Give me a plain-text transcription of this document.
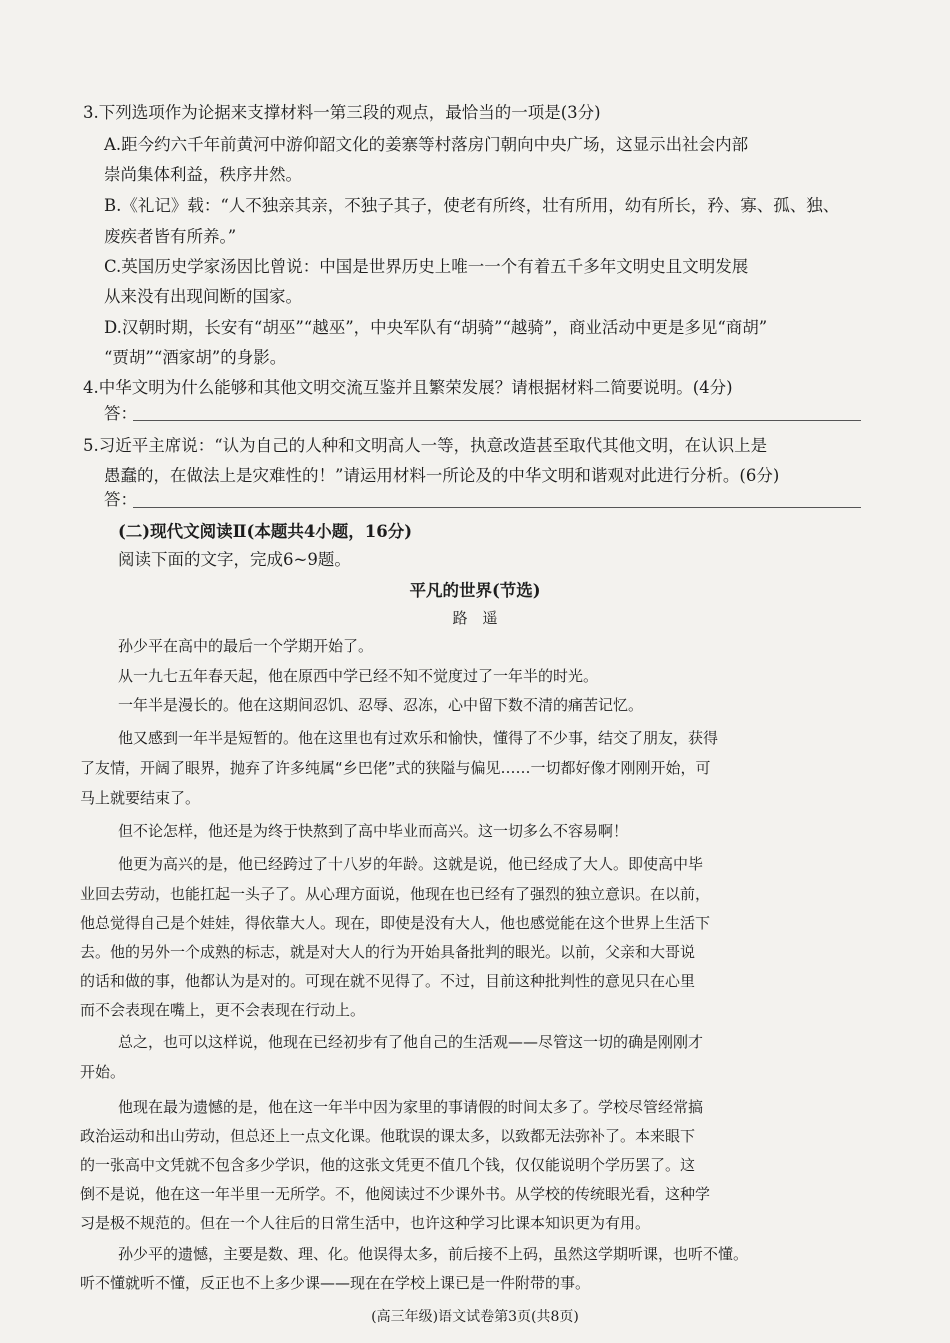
3.下列选项作为论据来支撑材料一第三段的观点，最恰当的一项是(3分)
A.距今约六千年前黄河中游仰韶文化的姜寨等村落房门朝向中央广场，这显示出社会内部
崇尚集体利益，秩序井然。
B.《礼记》载：“人不独亲其亲，不独子其子，使老有所终，壮有所用，幼有所长，矜、寡、孤、独、
废疾者皆有所养。”
C.英国历史学家汤因比曾说：中国是世界历史上唯一一个有着五千多年文明史且文明发展
从来没有出现间断的国家。
D.汉朝时期，长安有“胡巫”“越巫”，中央军队有“胡骑”“越骑”，商业活动中更是多见“商胡”
“贾胡”“酒家胡”的身影。
4.中华文明为什么能够和其他文明交流互鉴并且繁荣发展？请根据材料二简要说明。(4分)
答：
5.习近平主席说：“认为自己的人种和文明高人一等，执意改造甚至取代其他文明，在认识上是
愚蠢的，在做法上是灾难性的！”请运用材料一所论及的中华文明和谐观对此进行分析。(6分)
答：
(二)现代文阅读Ⅱ(本题共4小题，16分)
阅读下面的文字，完成6~9题。
平凡的世界(节选)
路　遥
孙少平在高中的最后一个学期开始了。
从一九七五年春天起，他在原西中学已经不知不觉度过了一年半的时光。
一年半是漫长的。他在这期间忍饥、忍辱、忍冻，心中留下数不清的痛苦记忆。
他又感到一年半是短暂的。他在这里也有过欢乐和愉快，懂得了不少事，结交了朋友，获得
了友情，开阔了眼界，抛弃了许多纯属“乡巴佬”式的狭隘与偏见……一切都好像才刚刚开始，可
马上就要结束了。
但不论怎样，他还是为终于快熬到了高中毕业而高兴。这一切多么不容易啊！
他更为高兴的是，他已经跨过了十八岁的年龄。这就是说，他已经成了大人。即使高中毕
业回去劳动，也能扛起一头子了。从心理方面说，他现在也已经有了强烈的独立意识。在以前，
他总觉得自己是个娃娃，得依靠大人。现在，即使是没有大人，他也感觉能在这个世界上生活下
去。他的另外一个成熟的标志，就是对大人的行为开始具备批判的眼光。以前，父亲和大哥说
的话和做的事，他都认为是对的。可现在就不见得了。不过，目前这种批判性的意见只在心里
而不会表现在嘴上，更不会表现在行动上。
总之，也可以这样说，他现在已经初步有了他自己的生活观——尽管这一切的确是刚刚才
开始。
他现在最为遗憾的是，他在这一年半中因为家里的事请假的时间太多了。学校尽管经常搞
政治运动和出山劳动，但总还上一点文化课。他耽误的课太多，以致都无法弥补了。本来眼下
的一张高中文凭就不包含多少学识，他的这张文凭更不值几个钱，仅仅能说明个学历罢了。这
倒不是说，他在这一年半里一无所学。不，他阅读过不少课外书。从学校的传统眼光看，这种学
习是极不规范的。但在一个人往后的日常生活中，也许这种学习比课本知识更为有用。
孙少平的遗憾，主要是数、理、化。他误得太多，前后接不上码，虽然这学期听课，也听不懂。
听不懂就听不懂，反正也不上多少课——现在在学校上课已是一件附带的事。
(高三年级)语文试卷第3页(共8页)
